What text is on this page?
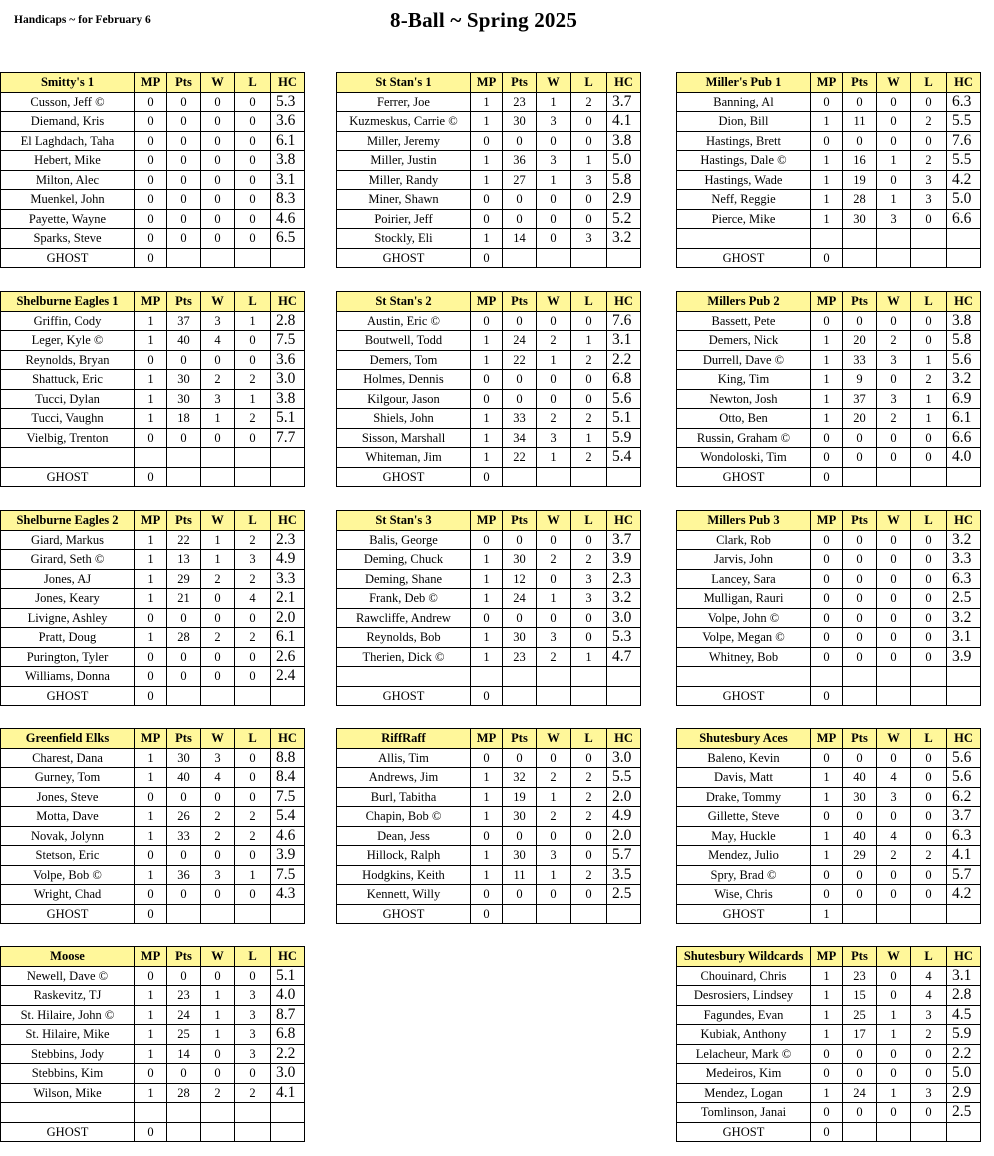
Handicaps ~ for February 6	8-Ball ~ Spring 2025
Smitty's 1	MP	Pts	W	L	HC
Cusson, Jeff ©	0	0	0	0	5.3
Diemand, Kris	0	0	0	0	3.6
El Laghdach, Taha	0	0	0	0	6.1
Hebert, Mike	0	0	0	0	3.8
Milton, Alec	0	0	0	0	3.1
Muenkel, John	0	0	0	0	8.3
Payette, Wayne	0	0	0	0	4.6
Sparks, Steve	0	0	0	0	6.5
GHOST	0				
St Stan's 1	MP	Pts	W	L	HC
Ferrer, Joe	1	23	1	2	3.7
Kuzmeskus, Carrie ©	1	30	3	0	4.1
Miller, Jeremy	0	0	0	0	3.8
Miller, Justin	1	36	3	1	5.0
Miller, Randy	1	27	1	3	5.8
Miner, Shawn	0	0	0	0	2.9
Poirier, Jeff	0	0	0	0	5.2
Stockly, Eli	1	14	0	3	3.2
GHOST	0				
Miller's Pub 1	MP	Pts	W	L	HC
Banning, Al	0	0	0	0	6.3
Dion, Bill	1	11	0	2	5.5
Hastings, Brett	0	0	0	0	7.6
Hastings, Dale ©	1	16	1	2	5.5
Hastings, Wade	1	19	0	3	4.2
Neff, Reggie	1	28	1	3	5.0
Pierce, Mike	1	30	3	0	6.6

GHOST	0				
Shelburne Eagles 1	MP	Pts	W	L	HC
Griffin, Cody	1	37	3	1	2.8
Leger, Kyle ©	1	40	4	0	7.5
Reynolds, Bryan	0	0	0	0	3.6
Shattuck, Eric	1	30	2	2	3.0
Tucci, Dylan	1	30	3	1	3.8
Tucci, Vaughn	1	18	1	2	5.1
Vielbig, Trenton	0	0	0	0	7.7

GHOST	0				
St Stan's 2	MP	Pts	W	L	HC
Austin, Eric ©	0	0	0	0	7.6
Boutwell, Todd	1	24	2	1	3.1
Demers, Tom	1	22	1	2	2.2
Holmes, Dennis	0	0	0	0	6.8
Kilgour, Jason	0	0	0	0	5.6
Shiels, John	1	33	2	2	5.1
Sisson, Marshall	1	34	3	1	5.9
Whiteman, Jim	1	22	1	2	5.4
GHOST	0				
Millers Pub 2	MP	Pts	W	L	HC
Bassett, Pete	0	0	0	0	3.8
Demers, Nick	1	20	2	0	5.8
Durrell, Dave ©	1	33	3	1	5.6
King, Tim	1	9	0	2	3.2
Newton, Josh	1	37	3	1	6.9
Otto, Ben	1	20	2	1	6.1
Russin, Graham ©	0	0	0	0	6.6
Wondoloski, Tim	0	0	0	0	4.0
GHOST	0				
Shelburne Eagles 2	MP	Pts	W	L	HC
Giard, Markus	1	22	1	2	2.3
Girard, Seth ©	1	13	1	3	4.9
Jones, AJ	1	29	2	2	3.3
Jones, Keary	1	21	0	4	2.1
Livigne, Ashley	0	0	0	0	2.0
Pratt, Doug	1	28	2	2	6.1
Purington, Tyler	0	0	0	0	2.6
Williams, Donna	0	0	0	0	2.4
GHOST	0				
St Stan's 3	MP	Pts	W	L	HC
Balis, George	0	0	0	0	3.7
Deming, Chuck	1	30	2	2	3.9
Deming, Shane	1	12	0	3	2.3
Frank, Deb ©	1	24	1	3	3.2
Rawcliffe, Andrew	0	0	0	0	3.0
Reynolds, Bob	1	30	3	0	5.3
Therien, Dick ©	1	23	2	1	4.7

GHOST	0				
Millers Pub 3	MP	Pts	W	L	HC
Clark, Rob	0	0	0	0	3.2
Jarvis, John	0	0	0	0	3.3
Lancey, Sara	0	0	0	0	6.3
Mulligan, Rauri	0	0	0	0	2.5
Volpe, John ©	0	0	0	0	3.2
Volpe, Megan ©	0	0	0	0	3.1
Whitney, Bob	0	0	0	0	3.9

GHOST	0				
Greenfield Elks	MP	Pts	W	L	HC
Charest, Dana	1	30	3	0	8.8
Gurney, Tom	1	40	4	0	8.4
Jones, Steve	0	0	0	0	7.5
Motta, Dave	1	26	2	2	5.4
Novak, Jolynn	1	33	2	2	4.6
Stetson, Eric	0	0	0	0	3.9
Volpe, Bob ©	1	36	3	1	7.5
Wright, Chad	0	0	0	0	4.3
GHOST	0				
RiffRaff	MP	Pts	W	L	HC
Allis, Tim	0	0	0	0	3.0
Andrews, Jim	1	32	2	2	5.5
Burl, Tabitha	1	19	1	2	2.0
Chapin, Bob ©	1	30	2	2	4.9
Dean, Jess	0	0	0	0	2.0
Hillock, Ralph	1	30	3	0	5.7
Hodgkins, Keith	1	11	1	2	3.5
Kennett, Willy	0	0	0	0	2.5
GHOST	0				
Shutesbury Aces	MP	Pts	W	L	HC
Baleno, Kevin	0	0	0	0	5.6
Davis, Matt	1	40	4	0	5.6
Drake, Tommy	1	30	3	0	6.2
Gillette, Steve	0	0	0	0	3.7
May, Huckle	1	40	4	0	6.3
Mendez, Julio	1	29	2	2	4.1
Spry, Brad ©	0	0	0	0	5.7
Wise, Chris	0	0	0	0	4.2
GHOST	1				
Moose	MP	Pts	W	L	HC
Newell, Dave ©	0	0	0	0	5.1
Raskevitz, TJ	1	23	1	3	4.0
St. Hilaire, John ©	1	24	1	3	8.7
St. Hilaire, Mike	1	25	1	3	6.8
Stebbins, Jody	1	14	0	3	2.2
Stebbins, Kim	0	0	0	0	3.0
Wilson, Mike	1	28	2	2	4.1

GHOST	0				
Shutesbury Wildcards	MP	Pts	W	L	HC
Chouinard, Chris	1	23	0	4	3.1
Desrosiers, Lindsey	1	15	0	4	2.8
Fagundes, Evan	1	25	1	3	4.5
Kubiak, Anthony	1	17	1	2	5.9
Lelacheur, Mark ©	0	0	0	0	2.2
Medeiros, Kim	0	0	0	0	5.0
Mendez, Logan	1	24	1	3	2.9
Tomlinson, Janai	0	0	0	0	2.5
GHOST	0				
